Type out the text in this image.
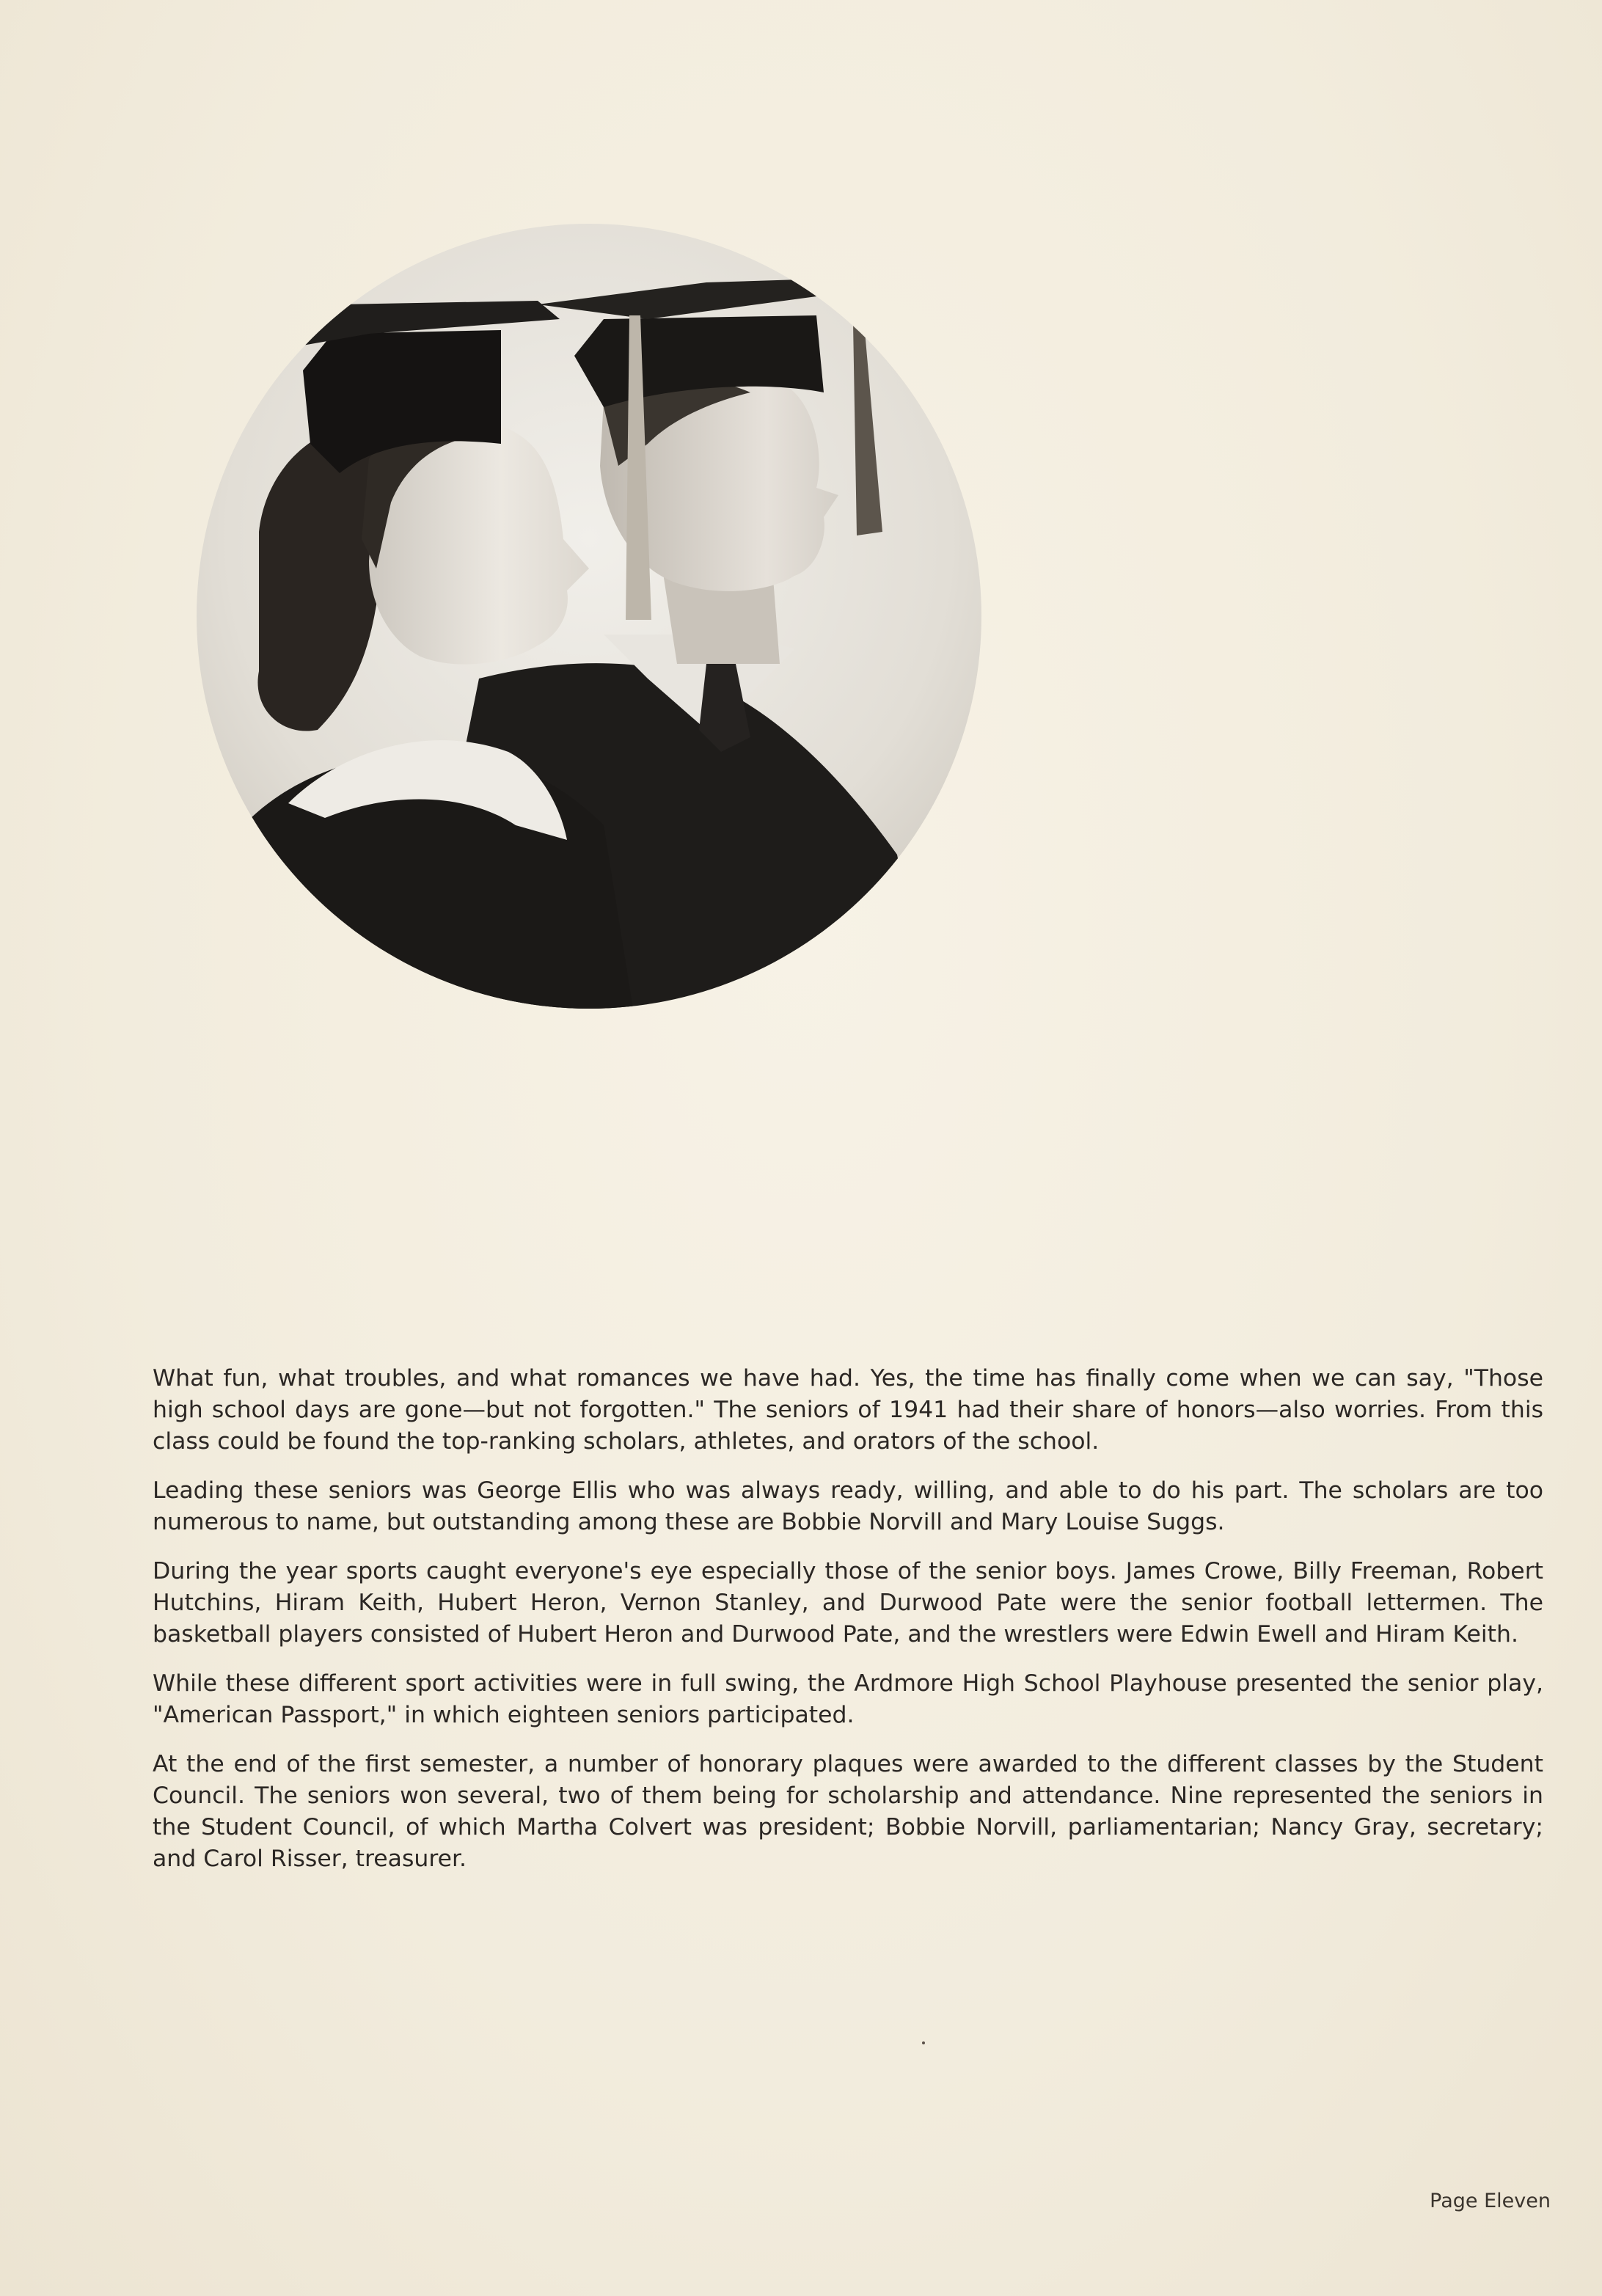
What fun, what troubles, and what romances we have had. Yes, the time has finally come when we can say, "Those high school days are gone—but not forgotten." The seniors of 1941 had their share of honors—also worries. From this class could be found the top-ranking scholars, athletes, and orators of the school.

Leading these seniors was George Ellis who was always ready, willing, and able to do his part. The scholars are too numerous to name, but outstanding among these are Bobbie Norvill and Mary Louise Suggs.

During the year sports caught everyone's eye especially those of the senior boys. James Crowe, Billy Freeman, Robert Hutchins, Hiram Keith, Hubert Heron, Vernon Stanley, and Durwood Pate were the senior football lettermen. The basketball players consisted of Hubert Heron and Durwood Pate, and the wrestlers were Edwin Ewell and Hiram Keith.

While these different sport activities were in full swing, the Ardmore High School Playhouse presented the senior play, "American Passport," in which eighteen seniors participated.

At the end of the first semester, a number of honorary plaques were awarded to the different classes by the Student Council. The seniors won several, two of them being for scholarship and attendance. Nine represented the seniors in the Student Council, of which Martha Colvert was president; Bobbie Norvill, parliamentarian; Nancy Gray, secretary; and Carol Risser, treasurer.

Page Eleven
